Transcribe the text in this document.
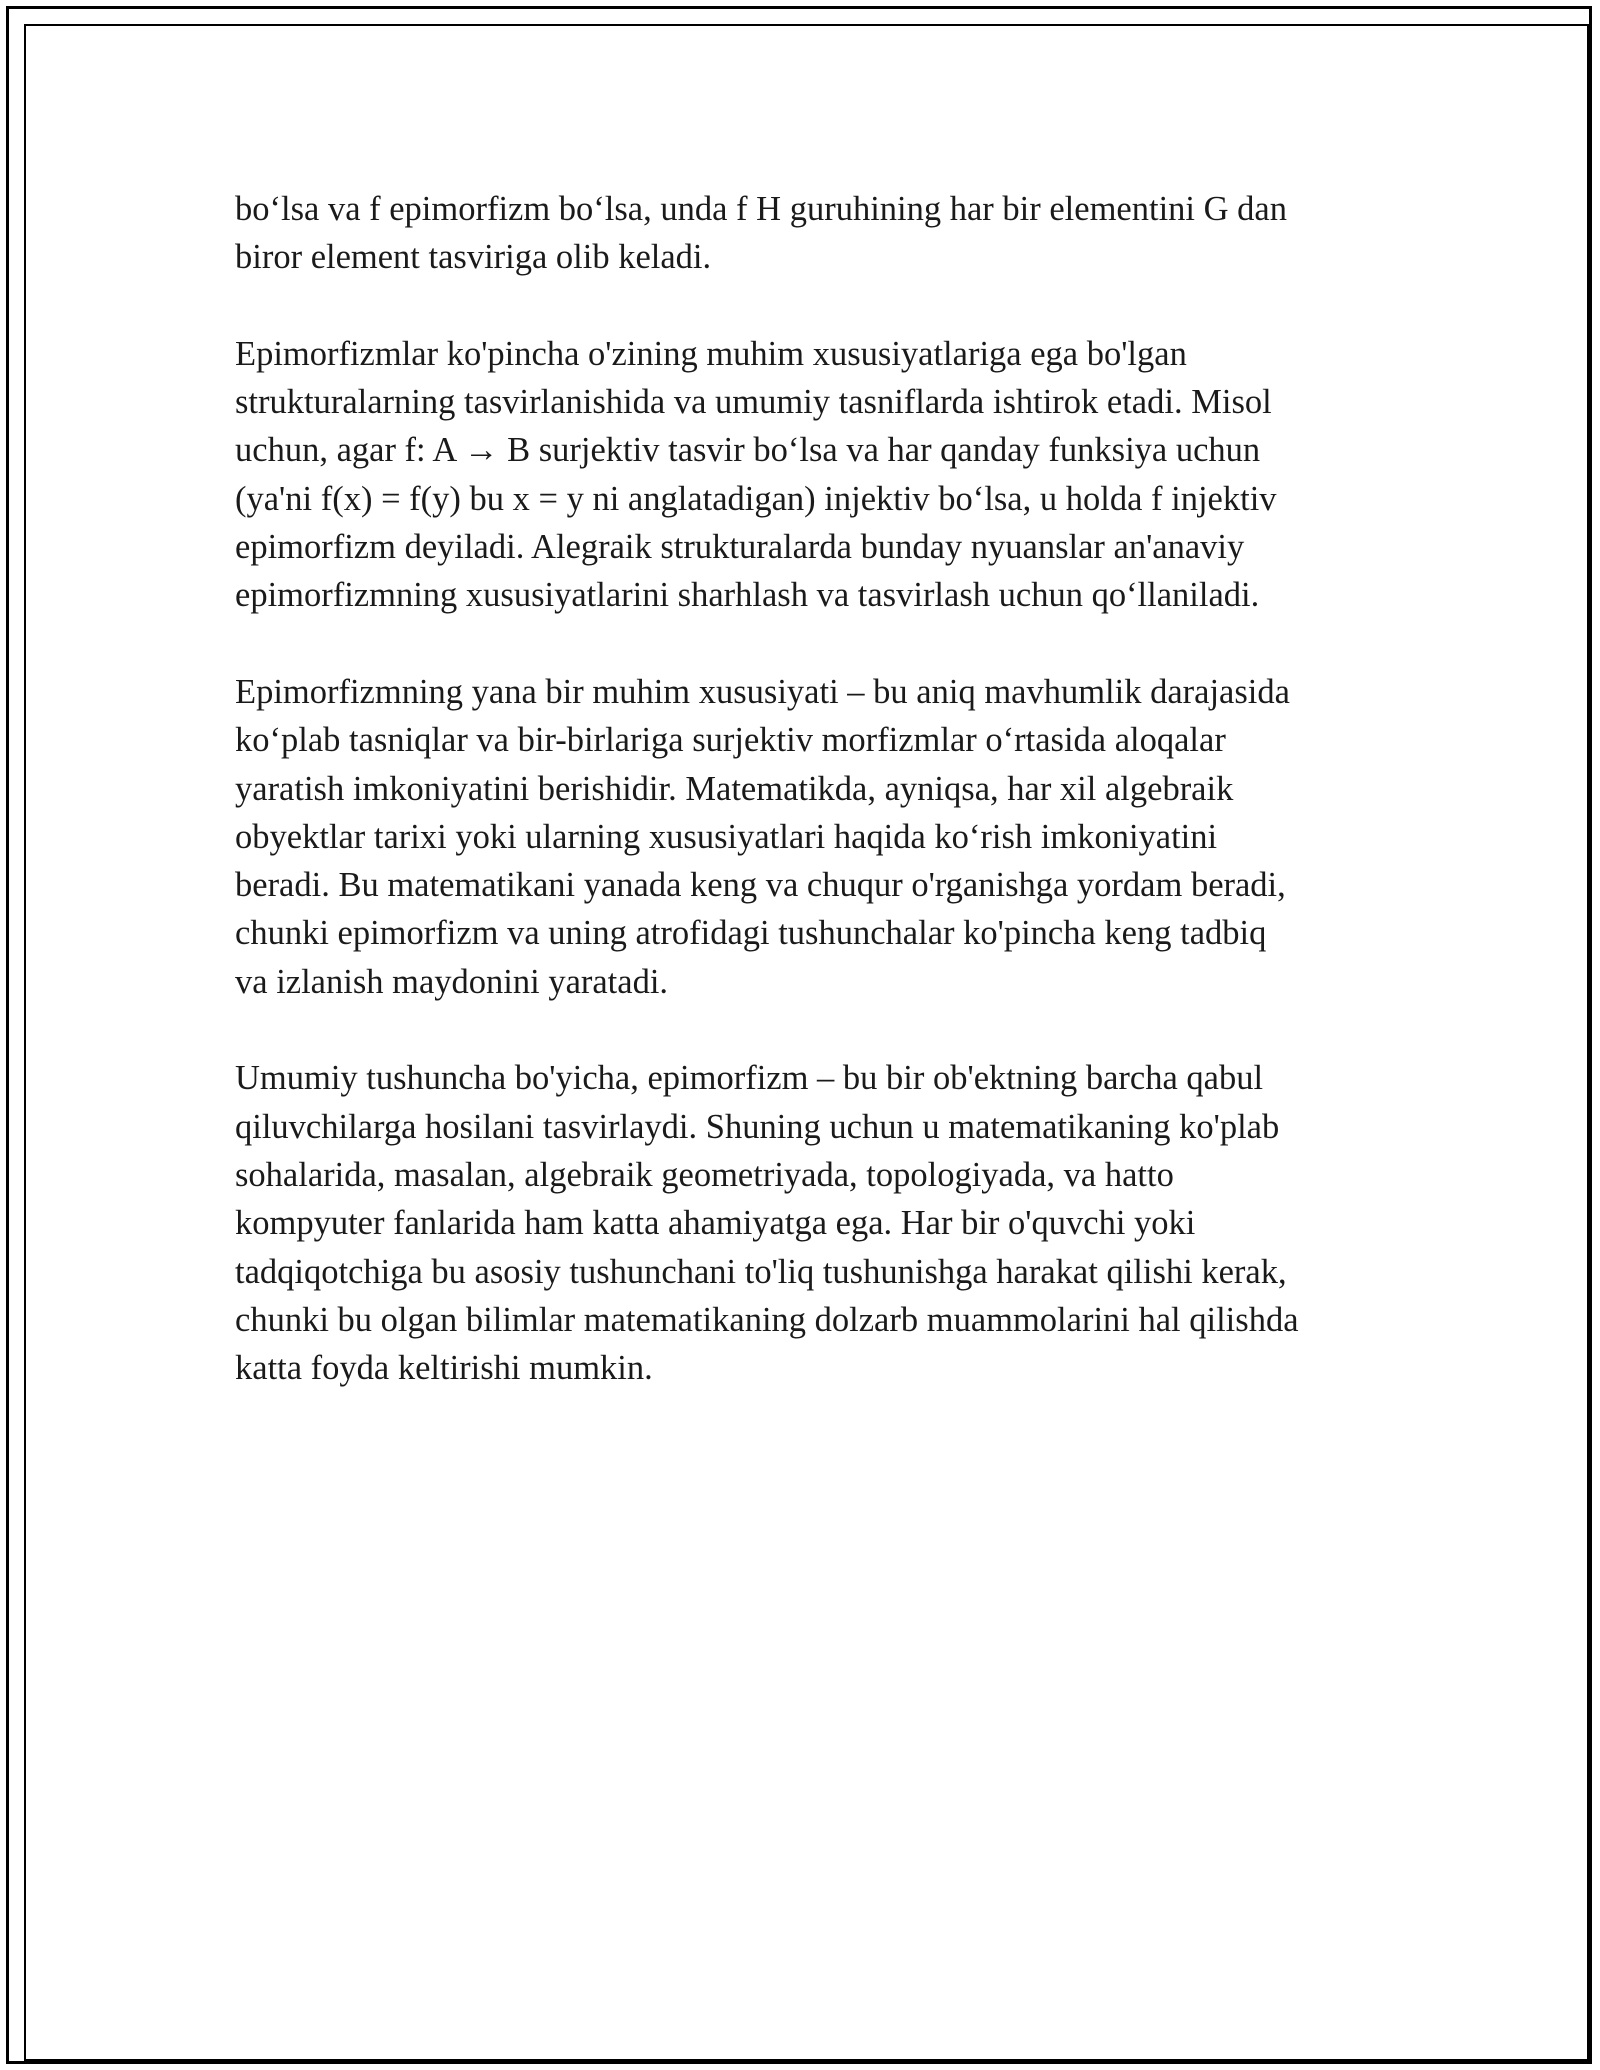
bo‘lsa va f epimorfizm bo‘lsa, unda f H guruhining har bir elementini G dan
biror element tasviriga olib keladi.

Epimorfizmlar ko'pincha o'zining muhim xususiyatlariga ega bo'lgan
strukturalarning tasvirlanishida va umumiy tasniflarda ishtirok etadi. Misol
uchun, agar f: A → B surjektiv tasvir bo‘lsa va har qanday funksiya uchun
(ya'ni f(x) = f(y) bu x = y ni anglatadigan) injektiv bo‘lsa, u holda f injektiv
epimorfizm deyiladi. Alegraik strukturalarda bunday nyuanslar an'anaviy
epimorfizmning xususiyatlarini sharhlash va tasvirlash uchun qo‘llaniladi.

Epimorfizmning yana bir muhim xususiyati – bu aniq mavhumlik darajasida
ko‘plab tasniqlar va bir-birlariga surjektiv morfizmlar o‘rtasida aloqalar
yaratish imkoniyatini berishidir. Matematikda, ayniqsa, har xil algebraik
obyektlar tarixi yoki ularning xususiyatlari haqida ko‘rish imkoniyatini
beradi. Bu matematikani yanada keng va chuqur o'rganishga yordam beradi,
chunki epimorfizm va uning atrofidagi tushunchalar ko'pincha keng tadbiq
va izlanish maydonini yaratadi.

Umumiy tushuncha bo'yicha, epimorfizm – bu bir ob'ektning barcha qabul
qiluvchilarga hosilani tasvirlaydi. Shuning uchun u matematikaning ko'plab
sohalarida, masalan, algebraik geometriyada, topologiyada, va hatto
kompyuter fanlarida ham katta ahamiyatga ega. Har bir o'quvchi yoki
tadqiqotchiga bu asosiy tushunchani to'liq tushunishga harakat qilishi kerak,
chunki bu olgan bilimlar matematikaning dolzarb muammolarini hal qilishda
katta foyda keltirishi mumkin.
